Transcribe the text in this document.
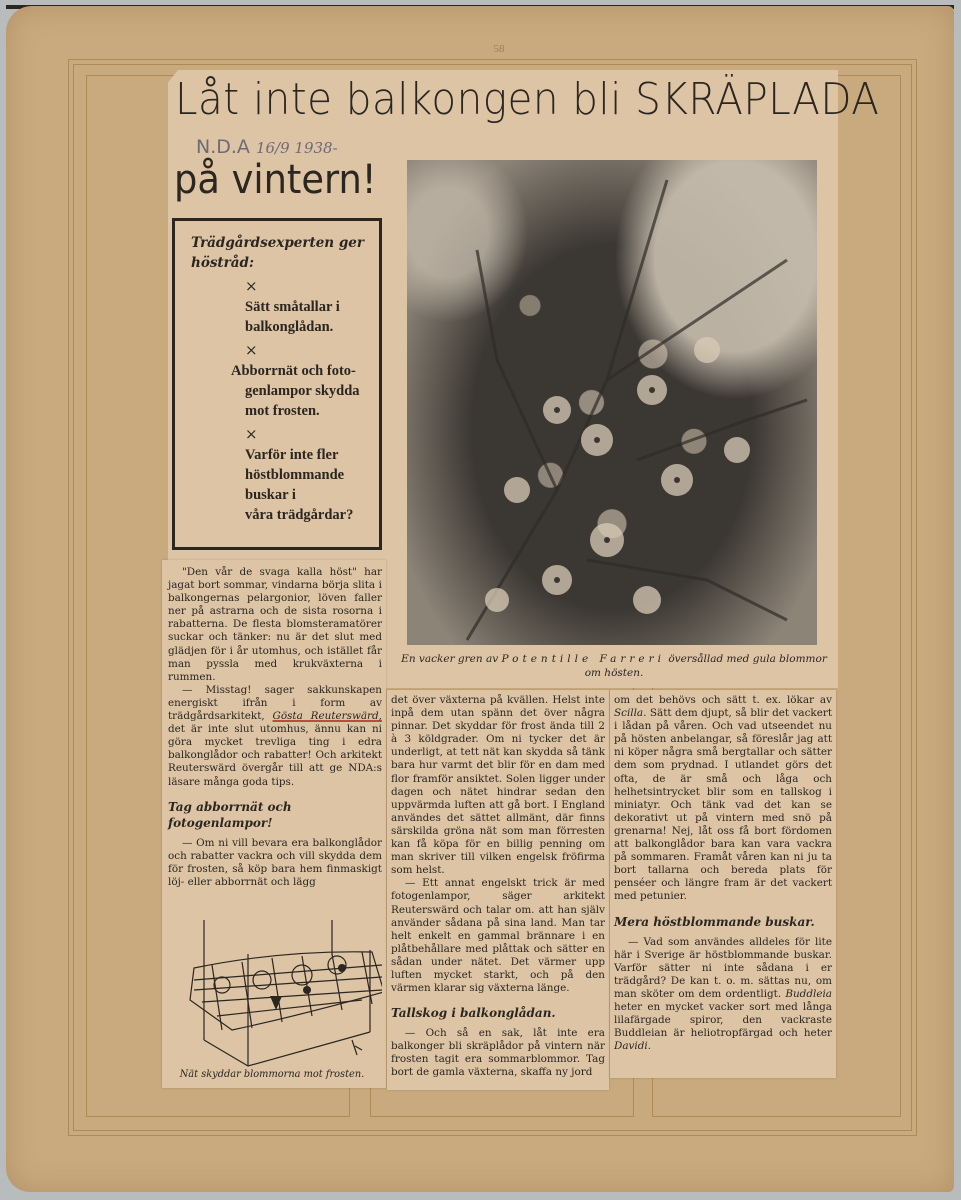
58
Låt inte balkongen bli SKRÄPLADA
N.D.A 16/9 1938-
på vintern!
Trädgårdsexperten ger höstråd:
×
Sätt småtallar i
balkonglådan.
×
Abborrnät och foto-
genlampor skydda
mot frosten.
×
Varför inte fler
höstblommande
buskar i
våra trädgårdar?
En vacker gren av Potentille Farreri översållad med gula blommor om hösten.

"Den vår de svaga kalla höst" har jagat bort sommar, vindarna börja slita i balkongernas pelargonior, löven faller ner på astrarna och de sista rosorna i rabatterna. De flesta blomsteramatörer suckar och tänker: nu är det slut med glädjen för i år utomhus, och istället får man pyssla med krukväxterna i rummen.

— Misstag! sager sakkunskapen energiskt ifrån i form av trädgårdsarkitekt, Gösta Reuterswärd, det är inte slut utomhus, ännu kan ni göra mycket trevliga ting i edra balkonglådor och rabatter! Och arkitekt Reuterswärd övergår till att ge NDA:s läsare många goda tips.

Tag abborrnät och fotogenlampor!

— Om ni vill bevara era balkonglådor och rabatter vackra och vill skydda dem för frosten, så köp bara hem finmaskigt löj- eller abborrnät och lägg

Nät skyddar blommorna mot frosten.

det över växterna på kvällen. Helst inte inpå dem utan spänn det över några pinnar. Det skyddar för frost ända till 2 à 3 köldgrader. Om ni tycker det är underligt, at tett nät kan skydda så tänk bara hur varmt det blir för en dam med flor framför ansiktet. Solen ligger under dagen och nätet hindrar sedan den uppvärmda luften att gå bort. I England användes det sättet allmänt, där finns särskilda gröna nät som man förresten kan få köpa för en billig penning om man skriver till vilken engelsk fröfirma som helst.

— Ett annat engelskt trick är med fotogenlampor, säger arkitekt Reuterswärd och talar om. att han själv använder sådana på sina land. Man tar helt enkelt en gammal brännare i en plåtbehållare med plåttak och sätter en sådan under nätet. Det värmer upp luften mycket starkt, och på den värmen klarar sig växterna länge.

Tallskog i balkonglådan.

— Och så en sak, låt inte era balkonger bli skräplådor på vintern när frosten tagit era sommarblommor. Tag bort de gamla växterna, skaffa ny jord

om det behövs och sätt t. ex. lökar av Scilla. Sätt dem djupt, så blir det vackert i lådan på våren. Och vad utseendet nu på hösten anbelangar, så föreslår jag att ni köper några små bergtallar och sätter dem som prydnad. I utlandet görs det ofta, de är små och låga och helhetsintrycket blir som en tallskog i miniatyr. Och tänk vad det kan se dekorativt ut på vintern med snö på grenarna! Nej, låt oss få bort fördomen att balkonglådor bara kan vara vackra på sommaren. Framåt våren kan ni ju ta bort tallarna och bereda plats för penséer och längre fram är det vackert med petunier.

Mera höstblommande buskar.

— Vad som användes alldeles för lite här i Sverige är höstblommande buskar. Varför sätter ni inte sådana i er trädgård? De kan t. o. m. sättas nu, om man sköter om dem ordentligt. Buddleia heter en mycket vacker sort med långa lilafärgade spiror, den vackraste Buddleian är heliotropfärgad och heter Davidi.
